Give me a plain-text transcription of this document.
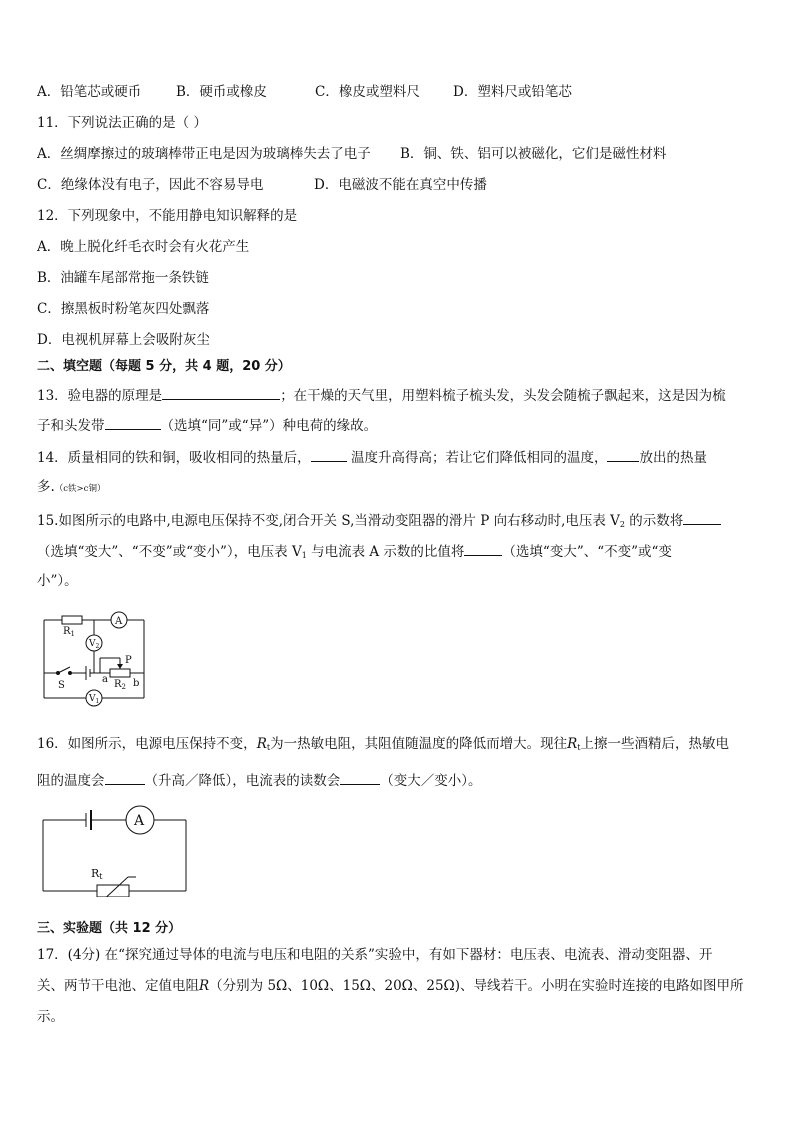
A．铅笔芯或硬币	B．硬币或橡皮	C．橡皮或塑料尺 D．塑料尺或铅笔芯
11．下列说法正确的是（ ）
A．丝绸摩擦过的玻璃棒带正电是因为玻璃棒失去了电子 B．铜、铁、铝可以被磁化，它们是磁性材料
C．绝缘体没有电子，因此不容易导电	D．电磁波不能在真空中传播
12．下列现象中，不能用静电知识解释的是
A．晚上脱化纤毛衣时会有火花产生
B．油罐车尾部常拖一条铁链
C．擦黑板时粉笔灰四处飘落
D．电视机屏幕上会吸附灰尘
二、填空题（每题 5 分，共 4 题，20 分）
13．验电器的原理是	；在干燥的天气里，用塑料梳子梳头发，头发会随梳子飘起来，这是因为梳
子和头发带	（选填“同”或“异”）种电荷的缘故。
14．质量相同的铁和铜，吸收相同的热量后，	温度升高得高；若让它们降低相同的温度， 放出的热量
多.（c铁>c铜）
15.如图所示的电路中,电源电压保持不变,闭合开关 S,当滑动变阻器的滑片 P 向右移动时,电压表 $V_2$ 的示数将
（选填“变大”、“不变”或“变小”），电压表 $V_1$ 与电流表 A 示数的比值将	（选填“变大”、“不变”或“变
小”）。
$R_1$
A
$V_2$
P
S
a $R_2$ b
$V_1$
16．如图所示，电源电压保持不变，$R_t$为一热敏电阻，其阻值随温度的降低而增大。现往$R_t$上擦一些酒精后，热敏电
阻的温度会	（升高／降低），电流表的读数会	（变大／变小）。
A
Rt
三、实验题（共 12 分）
17．(4分) 在“探究通过导体的电流与电压和电阻的关系”实验中，有如下器材：电压表、电流表、滑动变阻器、开
关、两节干电池、定值电阻R（分别为 5Ω、10Ω、15Ω、20Ω、25Ω)、导线若干。小明在实验时连接的电路如图甲所
示。
